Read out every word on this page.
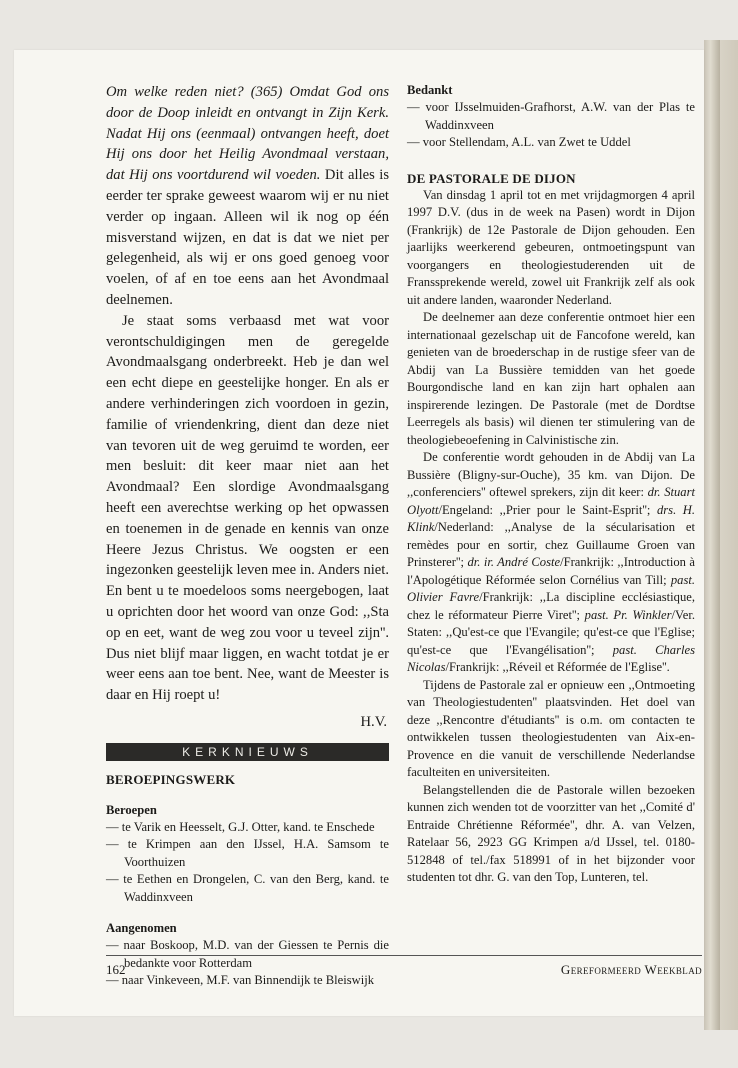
Om welke reden niet? (365) Omdat God ons door de Doop inleidt en ontvangt in Zijn Kerk. Nadat Hij ons (eenmaal) ontvangen heeft, doet Hij ons door het Heilig Avondmaal verstaan, dat Hij ons voortdurend wil voeden. Dit alles is eerder ter sprake geweest waarom wij er nu niet verder op ingaan. Alleen wil ik nog op één misverstand wijzen, en dat is dat we niet per gelegenheid, als wij er ons goed genoeg voor voelen, of af en toe eens aan het Avondmaal deelnemen.

Je staat soms verbaasd met wat voor verontschuldigingen men de geregelde Avondmaalsgang onderbreekt. Heb je dan wel een echt diepe en geestelijke honger. En als er andere verhinderingen zich voordoen in gezin, familie of vriendenkring, dient dan deze niet van tevoren uit de weg geruimd te worden, eer men besluit: dit keer maar niet aan het Avondmaal? Een slordige Avondmaalsgang heeft een averechtse werking op het opwassen en toenemen in de genade en kennis van onze Heere Jezus Christus. We oogsten er een ingezonken geestelijk leven mee in. Anders niet. En bent u te moedeloos soms neergebogen, laat u oprichten door het woord van onze God: ,,Sta op en eet, want de weg zou voor u teveel zijn''. Dus niet blijf maar liggen, en wacht totdat je er weer eens aan toe bent. Nee, want de Meester is daar en Hij roept u!

H.V.
KERKNIEUWS
BEROEPINGSWERK
Beroepen

— te Varik en Heesselt, G.J. Otter, kand. te Enschede

— te Krimpen aan den IJssel, H.A. Samsom te Voorthuizen

— te Eethen en Drongelen, C. van den Berg, kand. te Waddinxveen

Aangenomen

— naar Boskoop, M.D. van der Giessen te Pernis die bedankte voor Rotterdam

— naar Vinkeveen, M.F. van Binnendijk te Bleiswijk

Bedankt

— voor IJsselmuiden-Grafhorst, A.W. van der Plas te Waddinxveen

— voor Stellendam, A.L. van Zwet te Uddel

DE PASTORALE DE DIJON

Van dinsdag 1 april tot en met vrijdagmorgen 4 april 1997 D.V. (dus in de week na Pasen) wordt in Dijon (Frankrijk) de 12e Pastorale de Dijon gehouden. Een jaarlijks weerkerend gebeuren, ontmoetingspunt van voorgangers en theologiestuderenden uit de Franssprekende wereld, zowel uit Frankrijk zelf als ook uit andere landen, waaronder Nederland.

De deelnemer aan deze conferentie ontmoet hier een internationaal gezelschap uit de Fancofone wereld, kan genieten van de broederschap in de rustige sfeer van de Abdij van La Bussière temidden van het goede Bourgondische land en kan zijn hart ophalen aan inspirerende lezingen. De Pastorale (met de Dordtse Leerregels als basis) wil dienen ter stimulering van de theologiebeoefening in Calvinistische zin.

De conferentie wordt gehouden in de Abdij van La Bussière (Bligny-sur-Ouche), 35 km. van Dijon. De ,,conferenciers'' oftewel sprekers, zijn dit keer: dr. Stuart Olyott/Engeland: ,,Prier pour le Saint-Esprit''; drs. H. Klink/Nederland: ,,Analyse de la sécularisation et remèdes pour en sortir, chez Guillaume Groen van Prinsterer''; dr. ir. André Coste/Frankrijk: ,,Introduction à l'Apologétique Réformée selon Cornélius van Till; past. Olivier Favre/Frankrijk: ,,La discipline ecclésiastique, chez le réformateur Pierre Viret''; past. Pr. Winkler/Ver. Staten: ,,Qu'est-ce que l'Evangile; qu'est-ce que l'Eglise; qu'est-ce que l'Evangélisation''; past. Charles Nicolas/Frankrijk: ,,Réveil et Réformée de l'Eglise''.

Tijdens de Pastorale zal er opnieuw een ,,Ontmoeting van Theologiestudenten'' plaatsvinden. Het doel van deze ,,Rencontre d'étudiants'' is o.m. om contacten te ontwikkelen tussen theologiestudenten van Aix-en-Provence en die vanuit de verschillende Nederlandse faculteiten en universiteiten.

Belangstellenden die de Pastorale willen bezoeken kunnen zich wenden tot de voorzitter van het ,,Comité d' Entraide Chrétienne Réformée'', dhr. A. van Velzen, Ratelaar 56, 2923 GG Krimpen a/d IJssel, tel. 0180-512848 of tel./fax 518991 of in het bijzonder voor studenten tot dhr. G. van den Top, Lunteren, tel.

162	Gereformeerd Weekblad
